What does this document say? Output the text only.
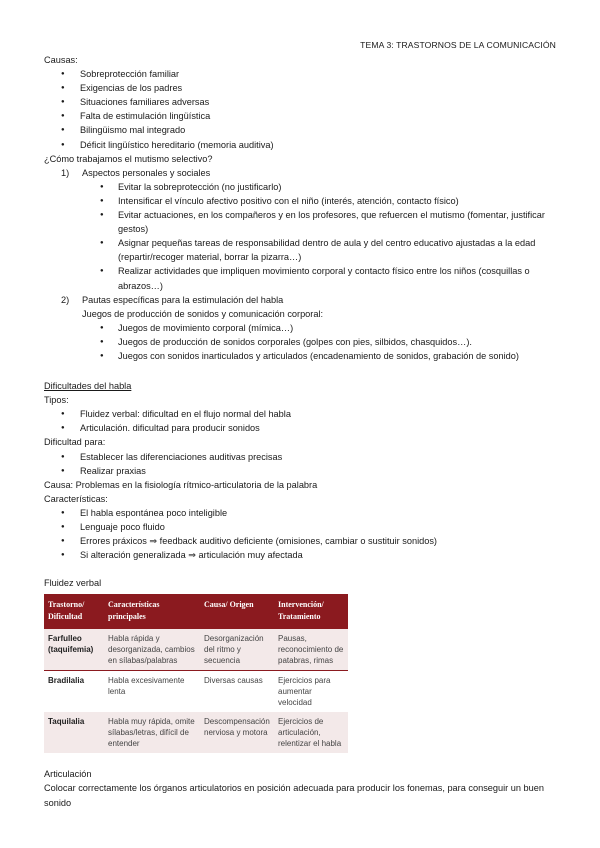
TEMA 3: TRASTORNOS DE LA COMUNICACIÓN
Causas:
● Sobreprotección familiar
● Exigencias de los padres
● Situaciones familiares adversas
● Falta de estimulación lingüística
● Bilingüismo mal integrado
● Déficit lingüístico hereditario (memoria auditiva)
¿Cómo trabajamos el mutismo selectivo?
1) Aspectos personales y sociales
● Evitar la sobreprotección (no justificarlo)
● Intensificar el vínculo afectivo positivo con el niño (interés, atención, contacto físico)
● Evitar actuaciones, en los compañeros y en los profesores, que refuercen el mutismo (fomentar, justificar gestos)
● Asignar pequeñas tareas de responsabilidad dentro de aula y del centro educativo ajustadas a la edad (repartir/recoger material, borrar la pizarra…)
● Realizar actividades que impliquen movimiento corporal y contacto físico entre los niños (cosquillas o abrazos…)
2) Pautas específicas para la estimulación del habla
Juegos de producción de sonidos y comunicación corporal:
● Juegos de movimiento corporal (mímica…)
● Juegos de producción de sonidos corporales (golpes con pies, silbidos, chasquidos…).
● Juegos con sonidos inarticulados y articulados (encadenamiento de sonidos, grabación de sonido)
Dificultades del habla
Tipos:
● Fluidez verbal: dificultad en el flujo normal del habla
● Articulación. dificultad para producir sonidos
Dificultad para:
● Establecer las diferenciaciones auditivas precisas
● Realizar praxias
Causa: Problemas en la fisiología rítmico-articulatoria de la palabra
Características:
● El habla espontánea poco inteligible
● Lenguaje poco fluido
● Errores práxicos ⇒ feedback auditivo deficiente (omisiones, cambiar o sustituir sonidos)
● Si alteración generalizada ⇒ articulación muy afectada
Fluidez verbal
Trastorno/ Dificultad	Características principales	Causa/ Origen	Intervención/ Tratamiento
Farfulleo (taquifemia)	Habla rápida y desorganizada, cambios en sílabas/palabras	Desorganización del ritmo y secuencia	Pausas, reconocimiento de patabras, rimas
Bradilalia	Habla excesivamente lenta	Diversas causas	Ejercicios para aumentar velocidad
Taquilalia	Habla muy rápida, omite sílabas/letras, difícil de entender	Descompensación nerviosa y motora	Ejercicios de articulación, relentizar el habla
Articulación
Colocar correctamente los órganos articulatorios en posición adecuada para producir los fonemas, para conseguir un buen sonido
